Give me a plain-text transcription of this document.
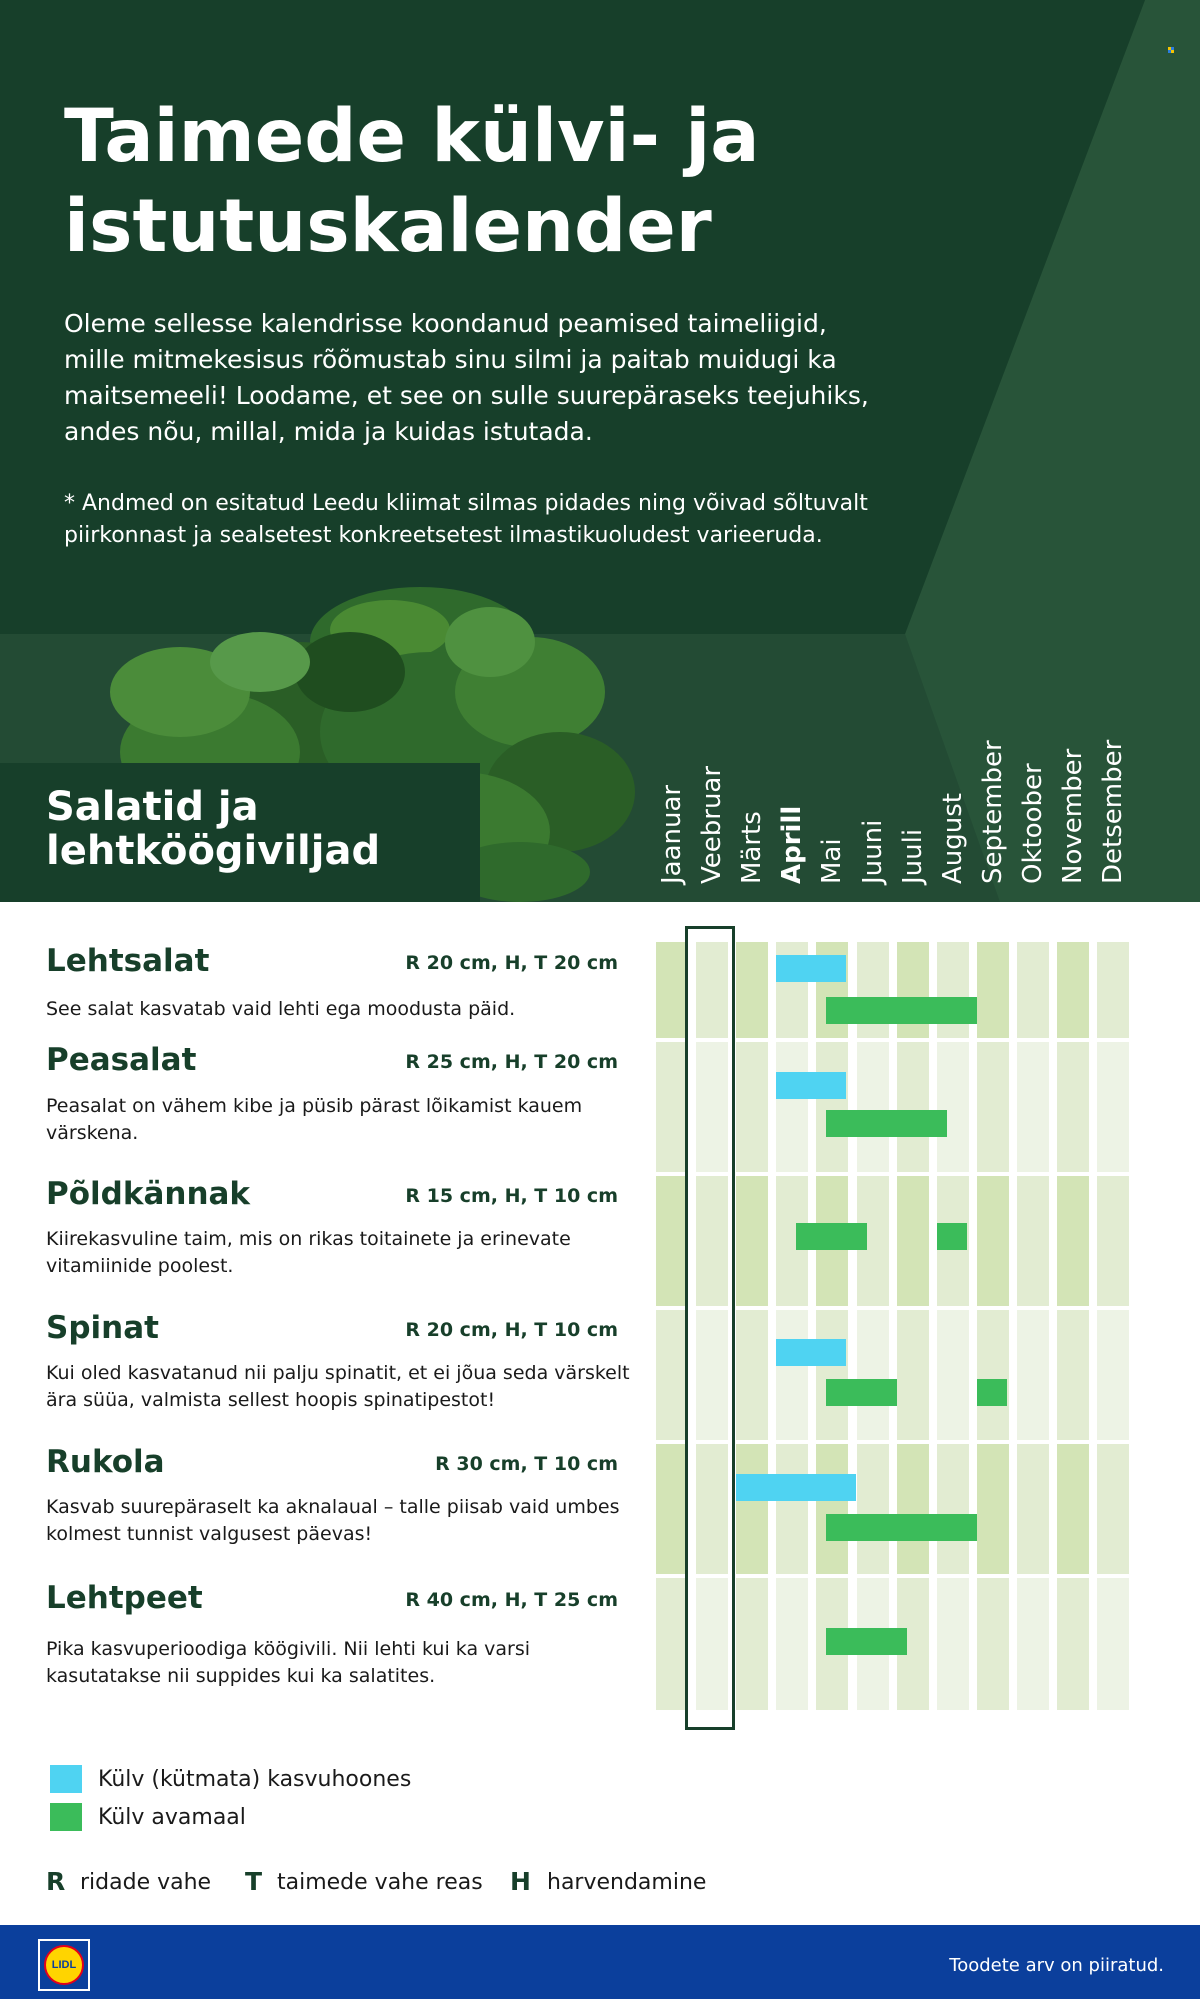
Taimede külvi- ja
istutuskalender
Oleme sellesse kalendrisse koondanud peamised taimeliigid, mille mitmekesisus rõõmustab sinu silmi ja paitab muidugi ka maitsemeeli! Loodame, et see on sulle suurepäraseks teejuhiks, andes nõu, millal, mida ja kuidas istutada.
* Andmed on esitatud Leedu kliimat silmas pidades ning võivad sõltuvalt piirkonnast ja sealsetest konkreetsetest ilmastikuoludest varieeruda.
Salatid ja
lehtköögiviljad	Jaanuar Veebruar Märts Aprill Mai Juuni Juuli August September Oktoober November Detsember
Lehtsalat	R 20 cm, H, T 20 cm
See salat kasvatab vaid lehti ega moodusta päid.
Peasalat	R 25 cm, H, T 20 cm
Peasalat on vähem kibe ja püsib pärast lõikamist kauem värskena.
Põldkännak	R 15 cm, H, T 10 cm
Kiirekasvuline taim, mis on rikas toitainete ja erinevate vitamiinide poolest.
Spinat	R 20 cm, H, T 10 cm
Kui oled kasvatanud nii palju spinatit, et ei jõua seda värskelt ära süüa, valmista sellest hoopis spinatipestot!
Rukola	R 30 cm, T 10 cm
Kasvab suurepäraselt ka aknalaual – talle piisab vaid umbes kolmest tunnist valgusest päevas!
Lehtpeet	R 40 cm, H, T 25 cm
Pika kasvuperioodiga köögivili. Nii lehti kui ka varsi kasutatakse nii suppides kui ka salatites.
Külv (kütmata) kasvuhoones
Külv avamaal
R ridade vahe T taimede vahe reas H harvendamine
LIDL	Toodete arv on piiratud.
